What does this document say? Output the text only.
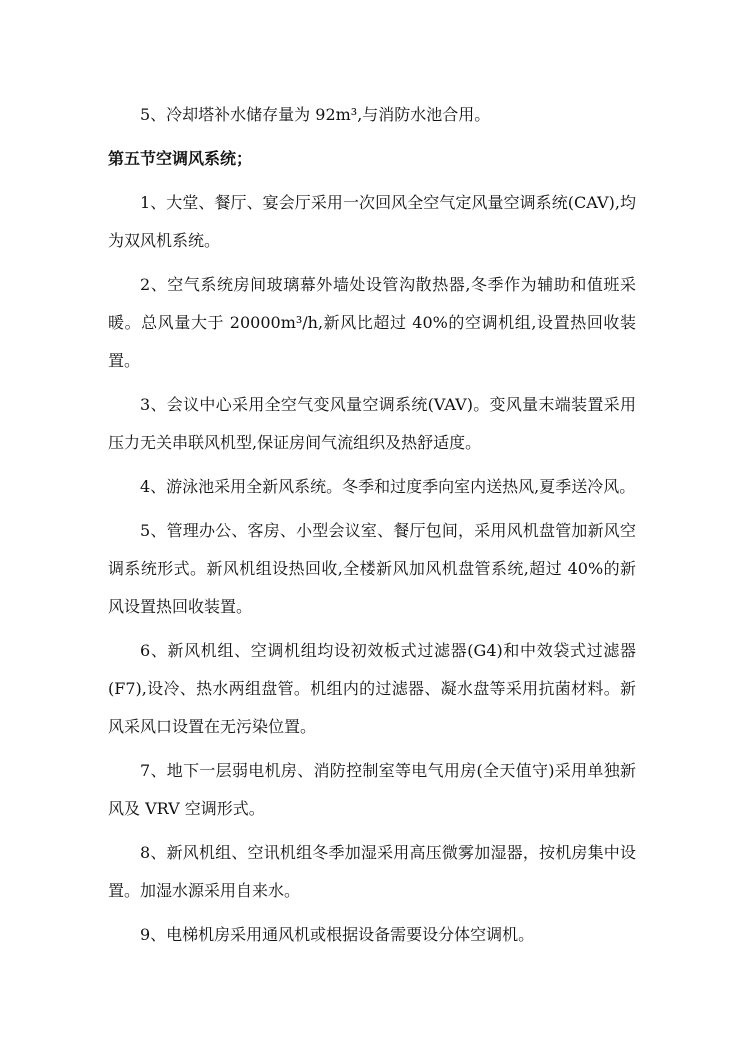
5、冷却塔补水储存量为 92m³,与消防水池合用。

第五节空调风系统；

1、大堂、餐厅、宴会厅采用一次回风全空气定风量空调系统(CAV),均为双风机系统。

2、空气系统房间玻璃幕外墙处设管沟散热器,冬季作为辅助和值班采暖。总风量大于 20000m³/h,新风比超过 40%的空调机组,设置热回收装置。

3、会议中心采用全空气变风量空调系统(VAV)。变风量末端装置采用压力无关串联风机型,保证房间气流组织及热舒适度。

4、游泳池采用全新风系统。冬季和过度季向室内送热风,夏季送冷风。

5、管理办公、客房、小型会议室、餐厅包间，采用风机盘管加新风空调系统形式。新风机组设热回收,全楼新风加风机盘管系统,超过 40%的新风设置热回收装置。

6、新风机组、空调机组均设初效板式过滤器(G4)和中效袋式过滤器(F7),设冷、热水两组盘管。机组内的过滤器、凝水盘等采用抗菌材料。新风采风口设置在无污染位置。

7、地下一层弱电机房、消防控制室等电气用房(全天值守)采用单独新风及 VRV 空调形式。

8、新风机组、空讯机组冬季加湿采用高压微雾加湿器，按机房集中设置。加湿水源采用自来水。

9、电梯机房采用通风机或根据设备需要设分体空调机。
